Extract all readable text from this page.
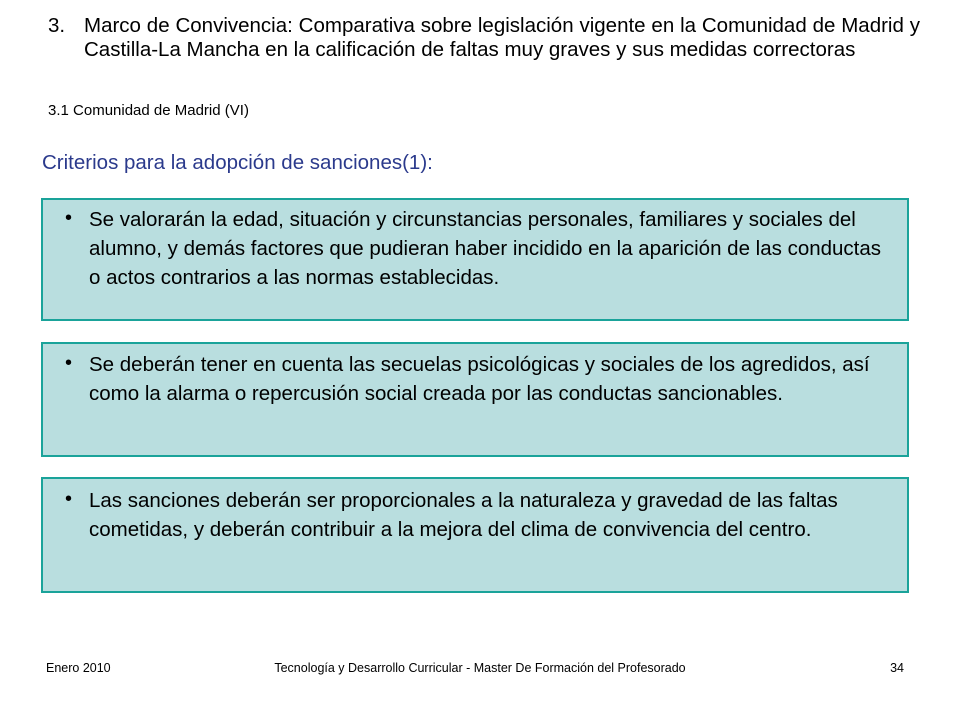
3. Marco de Convivencia: Comparativa sobre legislación vigente en la Comunidad de Madrid y Castilla-La Mancha en la calificación de faltas muy graves y sus medidas correctoras
3.1 Comunidad de Madrid (VI)
Criterios para la adopción de sanciones(1):
• Se valorarán la edad, situación y circunstancias personales, familiares y sociales del alumno, y demás factores que pudieran haber incidido en la aparición de las conductas o actos contrarios a las normas establecidas.
• Se deberán tener en cuenta las secuelas psicológicas y sociales de los agredidos, así como la alarma o repercusión social creada por las conductas sancionables.
• Las sanciones deberán ser proporcionales a la naturaleza y gravedad de las faltas cometidas, y deberán contribuir a la mejora del clima de convivencia del centro.
Enero 2010	Tecnología y Desarrollo Curricular - Master De Formación del Profesorado	34
